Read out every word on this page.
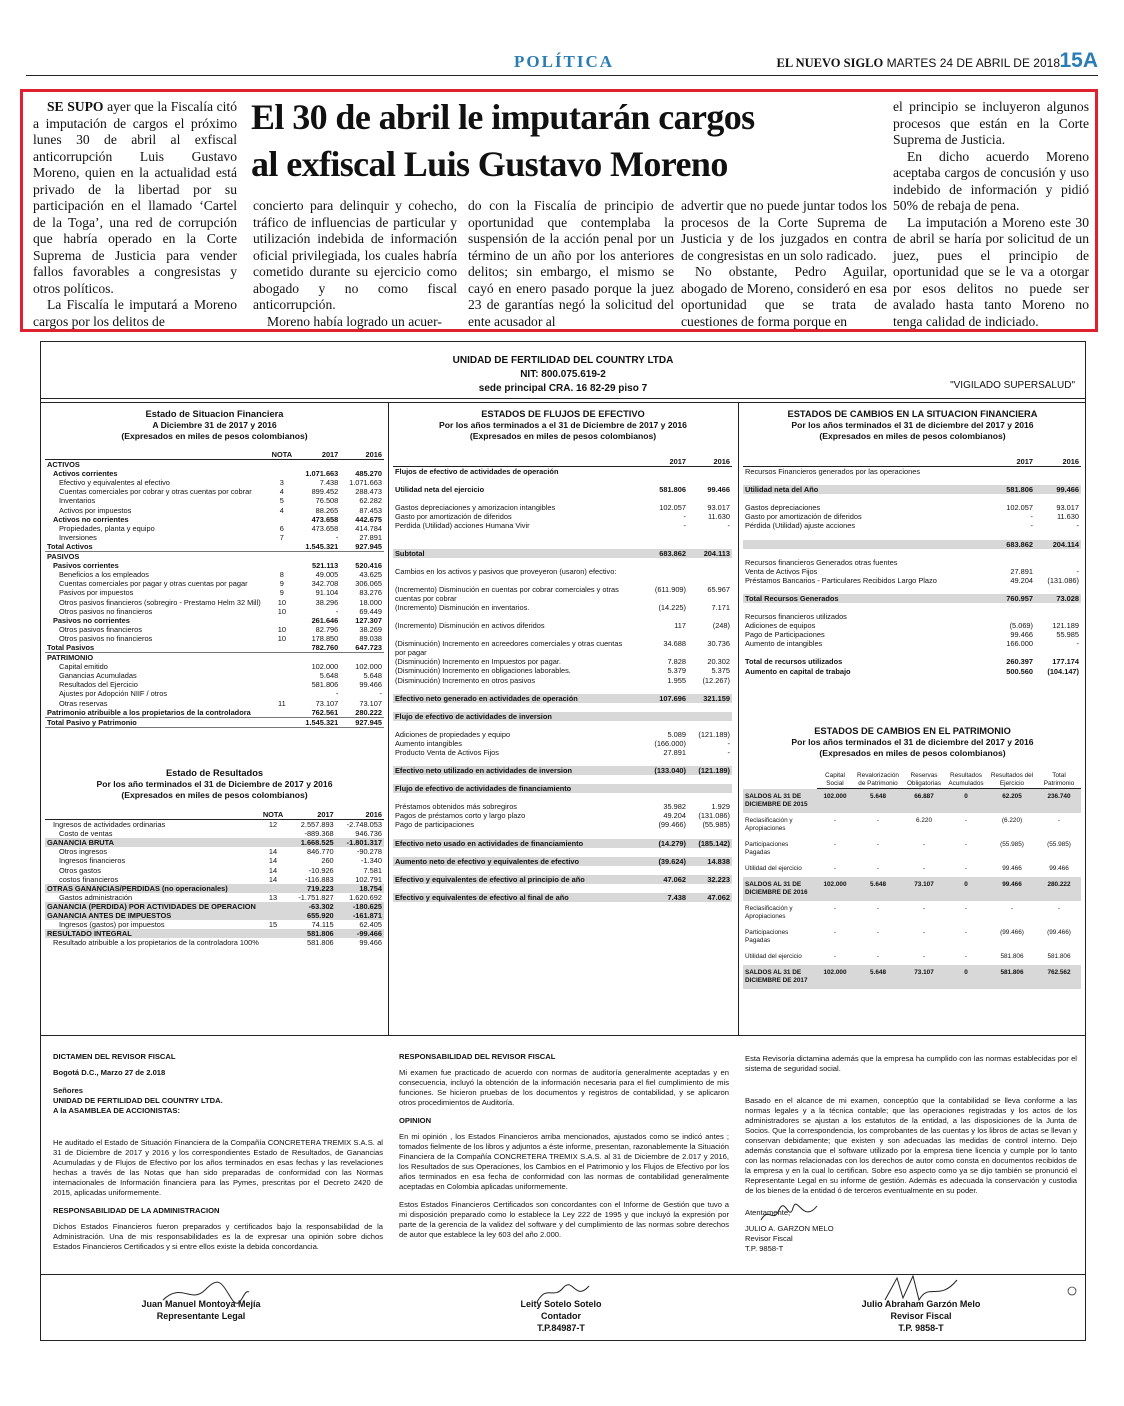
POLÍTICA	EL NUEVO SIGLO MARTES 24 DE ABRIL DE 2018 15A

SE SUPO ayer que la Fiscalía citó a imputación de cargos el próximo lunes 30 de abril al exfiscal anticorrupción Luis Gustavo Moreno, quien en la actualidad está privado de la libertad por su participación en el llamado ‘Cartel de la Toga’, una red de corrupción que habría operado en la Corte Suprema de Justicia para vender fallos favorables a congresistas y otros políticos.

La Fiscalía le imputará a Moreno cargos por los delitos de

El 30 de abril le imputarán cargos
al exfiscal Luis Gustavo Moreno

concierto para delinquir y cohecho, tráfico de influencias de particular y utilización indebida de información oficial privilegiada, los cuales habría cometido durante su ejercicio como abogado y no como fiscal anticorrupción.

Moreno había logrado un acuer-

do con la Fiscalía de principio de oportunidad que contemplaba la suspensión de la acción penal por un término de un año por los anteriores delitos; sin embargo, el mismo se cayó en enero pasado porque la juez 23 de garantías negó la solicitud del ente acusador al

advertir que no puede juntar todos los procesos de la Corte Suprema de Justicia y de los juzgados en contra de congresistas en un solo radicado.

No obstante, Pedro Aguilar, abogado de Moreno, consideró en esa oportunidad que se trata de cuestiones de forma porque en

el principio se incluyeron algunos procesos que están en la Corte Suprema de Justicia.

En dicho acuerdo Moreno aceptaba cargos de concusión y uso indebido de información y pidió 50% de rebaja de pena.

La imputación a Moreno este 30 de abril se haría por solicitud de un juez, pues el principio de oportunidad que se le va a otorgar por esos delitos no puede ser avalado hasta tanto Moreno no tenga calidad de indiciado.

UNIDAD DE FERTILIDAD DEL COUNTRY LTDA
NIT: 800.075.619-2
sede principal CRA. 16 82-29 piso 7	"VIGILADO SUPERSALUD"
Estado de Situacion Financiera
A Diciembre 31 de 2017 y 2016
(Expresados en miles de pesos colombianos)
	NOTA	2017	2016
ACTIVOS			
Activos corrientes		1.071.663	485.270
Efectivo y equivalentes al efectivo	3	7.438	1.071.663
Cuentas comerciales por cobrar y otras cuentas por cobrar	4	899.452	288.473
Inventarios	5	76.508	62.282
Activos por impuestos	4	88.265	87.453
Activos no corrientes		473.658	442.675
Propiedades, planta y equipo	6	473.658	414.784
Inversiones	7	-	27.891
Total Activos		1.545.321	927.945
PASIVOS			
Pasivos corrientes		521.113	520.416
Beneficios a los empleados	8	49.005	43.625
Cuentas comerciales por pagar y otras cuentas por pagar	9	342.708	306.065
Pasivos por impuestos	9	91.104	83.276
Otros pasivos financieros (sobregiro - Prestamo Helm 32 Mill)	10	38.296	18.000
Otros pasivos no financieros	10	-	69.449
Pasivos no corrientes		261.646	127.307
Otros pasivos financieros	10	82.796	38.269
Otros pasivos no financieros	10	178.850	89.038
Total Pasivos		782.760	647.723
PATRIMONIO			
Capital emitido		102.000	102.000
Ganancias Acumuladas		5.648	5.648
Resultados del Ejercicio		581.806	99.466
Ajustes por Adopción NIIF / otros		-	-
Otras reservas	11	73.107	73.107
Patrimonio atribuible a los propietarios de la controladora		762.561	280.222
Total Pasivo y Patrimonio		1.545.321	927.945
Estado de Resultados
Por los año terminados el 31 de Diciembre de 2017 y 2016
(Expresados en miles de pesos colombianos)
	NOTA	2017	2016
Ingresos de actividades ordinarias	12	2.557.893	-2.748.053
Costo de ventas		-889.368	946.736
GANANCIA BRUTA		1.668.525	-1.801.317
Otros ingresos	14	846.770	-90.278
Ingresos financieros	14	260	-1.340
Otros gastos	14	-10.926	7.581
costos financieros	14	-116.883	102.791
OTRAS GANANCIAS/PERDIDAS (no operacionales)		719.223	18.754
Gastos administración	13	-1.751.827	1.620.692
GANANCIA (PERDIDA) POR ACTIVIDADES DE OPERACION		-63.302	-180.625
GANANCIA ANTES DE IMPUESTOS		655.920	-161.871
Ingresos (gastos) por impuestos	15	74.115	62.405
RESULTADO INTEGRAL		581.806	-99.466
Resultado atribuible a los propietarios de la controladora 100%		581.806	99.466
ESTADOS DE FLUJOS DE EFECTIVO
Por los años terminados a el 31 de Diciembre de 2017 y 2016
(Expresados en miles de pesos colombianos)
	2017	2016
Flujos de efectivo de actividades de operación		

Utilidad neta del ejercicio	581.806	99.466

Gastos depreciaciones y amorizacion intangibles	102.057	93.017
Gasto por amortización de diferidos	-	11.630
Perdida (Utilidad) acciones Humana Vivir	-	-

Subtotal	683.862	204.113

Cambios en los activos y pasivos que proveyeron (usaron) efectivo:		

(Incremento) Disminución en cuentas por cobrar comerciales y otras cuentas por cobrar	(611.909)	65.967
(Incremento) Disminución en inventarios.	(14.225)	7.171

(Incremento) Disminución en activos diferidos	117	(248)

(Disminución) Incremento en acreedores comerciales y otras cuentas por pagar	34.688	30.736
(Disminución) Incremento en Impuestos por pagar.	7.828	20.302
(Disminución) Incremento en obligaciones laborables.	5.379	5.375
(Disminución) Incremento en otros pasivos	1.955	(12.267)

Efectivo neto generado en actividades de operación	107.696	321.159

Flujo de efectivo de actividades de inversion		

Adiciones de propiedades y equipo	5.089	(121.189)
Aumento intangibles	(166.000)	-
Producto Venta de Activos Fijos	27.891	-

Efectivo neto utilizado en actividades de inversion	(133.040)	(121.189)

Flujo de efectivo de actividades de financiamiento		

Préstamos obtenidos más sobregiros	35.982	1.929
Pagos de préstamos corto y largo plazo	49.204	(131.086)
Pago de participaciones	(99.466)	(55.985)

Efectivo neto usado en actividades de financiamiento	(14.279)	(185.142)

Aumento neto de efectivo y equivalentes de efectivo	(39.624)	14.838

Efectivo y equivalentes de efectivo al principio de año	47.062	32.223

Efectivo y equivalentes de efectivo al final de año	7.438	47.062
ESTADOS DE CAMBIOS EN LA SITUACION FINANCIERA
Por los años terminados el 31 de diciembre del 2017 y 2016
(Expresados en miles de pesos colombianos)
	2017	2016
Recursos Financieros generados por las operaciones		

Utilidad neta del Año	581.806	99.466

Gastos depreciaciones	102.057	93.017
Gasto por amortización de diferidos	-	11.630
Pérdida (Utilidad) ajuste acciones	-	-

	683.862	204.114

Recursos financieros Generados otras fuentes		
Venta de Activos Fijos	27.891	-
Préstamos Bancarios - Particulares Recibidos Largo Plazo	49.204	(131.086)

Total Recursos Generados	760.957	73.028

Recursos financieros utilizados		
Adiciones de equipos	(5.069)	121.189
Pago de Participaciones	99.466	55.985
Aumento de intangibles	166.000	-

Total de recursos utilizados	260.397	177.174
Aumento en capital de trabajo	500.560	(104.147)
ESTADOS DE CAMBIOS EN EL PATRIMONIO
Por los años terminados el 31 de diciembre del 2017 y 2016
(Expresados en miles de pesos colombianos)
	Capital Social	Revalorización de Patrimonio	Reservas Obligatorias	Resultados Acumulados	Resultados del Ejercicio	Total Patrimonio
SALDOS AL 31 DE DICIEMBRE DE 2015	102.000	5.648	66.887	0	62.205	236.740
Reclasificación y Apropiaciones	-	-	6.220	-	(6.220)	-
Participaciones Pagadas	-	-	-	-	(55.985)	(55.985)
Utilidad del ejercicio	-	-	-	-	99.466	99.466
SALDOS AL 31 DE DICIEMBRE DE 2016	102.000	5.648	73.107	0	99.466	280.222
Reclasificación y Apropiaciones	-	-	-	-	-	-
Participaciones Pagadas	-	-	-	-	(99.466)	(99.466)
Utilidad del ejercicio	-	-	-	-	581.806	581.806
SALDOS AL 31 DE DICIEMBRE DE 2017	102.000	5.648	73.107	0	581.806	762.562
DICTAMEN DEL REVISOR FISCAL

Bogotá D.C., Marzo 27 de 2.018

Señores
UNIDAD DE FERTILIDAD DEL COUNTRY LTDA.
A la ASAMBLEA DE ACCIONISTAS:

He auditado el Estado de Situación Financiera de la Compañía CONCRETERA TREMIX S.A.S. al 31 de Diciembre de 2017 y 2016 y los correspondientes Estado de Resultados, de Ganancias Acumuladas y de Flujos de Efectivo por los años terminados en esas fechas y las revelaciones hechas a través de las Notas que han sido preparadas de conformidad con las Normas internacionales de Información financiera para las Pymes, prescritas por el Decreto 2420 de 2015, aplicadas uniformemente.

RESPONSABILIDAD DE LA ADMINISTRACION

Dichos Estados Financieros fueron preparados y certificados bajo la responsabilidad de la Administración. Una de mis responsabilidades es la de expresar una opinión sobre dichos Estados Financieros Certificados y si entre ellos existe la debida concordancia.

RESPONSABILIDAD DEL REVISOR FISCAL

Mi examen fue practicado de acuerdo con normas de auditoría generalmente aceptadas y en consecuencia, incluyó la obtención de la información necesaria para el fiel cumplimiento de mis funciones. Se hicieron pruebas de los documentos y registros de contabilidad, y se aplicaron otros procedimientos de Auditoría.

OPINION

En mi opinión , los Estados Financieros arriba mencionados, ajustados como se indicó antes ; tomados fielmente de los libros y adjuntos a éste informe, presentan, razonablemente la Situación Financiera de la Compañía CONCRETERA TREMIX S.A.S. al 31 de Diciembre de 2.017 y 2016, los Resultados de sus Operaciones, los Cambios en el Patrimonio y los Flujos de Efectivo por los años terminados en esa fecha de conformidad con las normas de contabilidad generalmente aceptadas en Colombia aplicadas uniformemente.

Estos Estados Financieros Certificados son concordantes con el Informe de Gestión que tuvo a mi disposición preparado como lo establece la Ley 222 de 1995 y que incluyó la expresión por parte de la gerencia de la validez del software y del cumplimiento de las normas sobre derechos de autor que establece la ley 603 del año 2.000.

Esta Revisoría dictamina además que la empresa ha cumplido con las normas establecidas por el sistema de seguridad social.

Basado en el alcance de mi examen, conceptúo que la contabilidad se lleva conforme a las normas legales y a la técnica contable; que las operaciones registradas y los actos de los administradores se ajustan a los estatutos de la entidad, a las disposiciones de la Junta de Socios. Que la correspondencia, los comprobantes de las cuentas y los libros de actas se llevan y conservan debidamente; que existen y son adecuadas las medidas de control interno. Dejo además constancia que el software utilizado por la empresa tiene licencia y cumple por lo tanto con las normas relacionadas con los derechos de autor como consta en documentos recibidos de la empresa y en la cual lo certifican. Sobre eso aspecto como ya se dijo también se pronunció el Representante Legal en su informe de gestión. Además es adecuada la conservación y custodia de los bienes de la entidad ó de terceros eventualmente en su poder.

Atentamente,
JULIO A. GARZON MELO
Revisor Fiscal
T.P. 9858-T
Juan Manuel Montoya Mejía
Representante Legal
Leity Sotelo Sotelo
Contador
T.P.84987-T
Julio Abraham Garzón Melo
Revisor Fiscal
T.P. 9858-T
